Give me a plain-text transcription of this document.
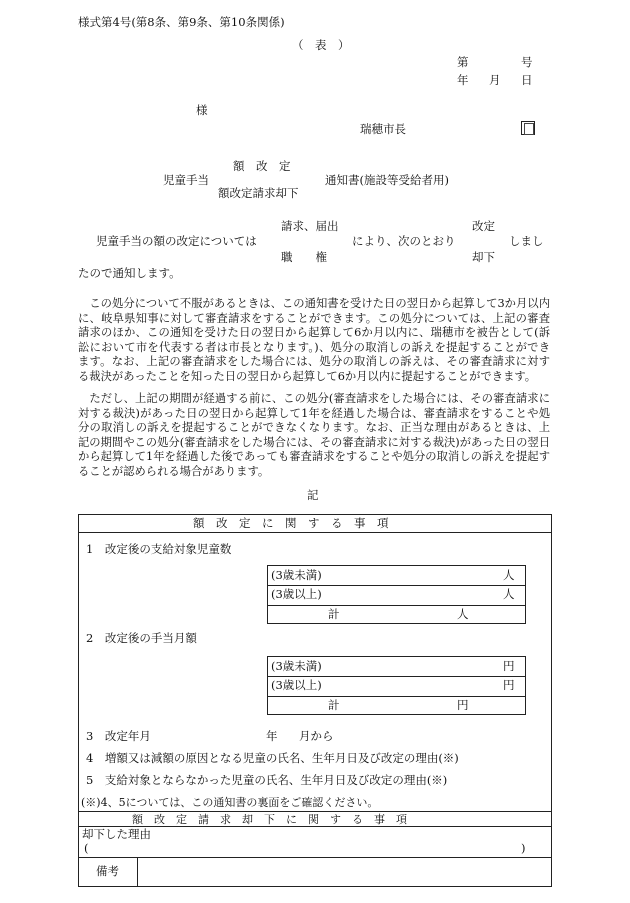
様式第4号(第8条、第9条、第10条関係)
（　表　）
第	号
年 月 日
様
瑞穂市長
額　改　定
児童手当	通知書(施設等受給者用)
額改定請求却下
請求、届出	改定
児童手当の額の改定については	により、次のとおり	しまし
職　　権	却下
たので通知します。
　この処分について不服があるときは、この通知書を受けた日の翌日から起算して3か月以内に、岐阜県知事に対して審査請求をすることができます。この処分については、上記の審査請求のほか、この通知を受けた日の翌日から起算して6か月以内に、瑞穂市を被告として(訴訟において市を代表する者は市長となります。)、処分の取消しの訴えを提起することができます。なお、上記の審査請求をした場合には、処分の取消しの訴えは、その審査請求に対する裁決があったことを知った日の翌日から起算して6か月以内に提起することができます。
　ただし、上記の期間が経過する前に、この処分(審査請求をした場合には、その審査請求に対する裁決)があった日の翌日から起算して1年を経過した場合は、審査請求をすることや処分の取消しの訴えを提起することができなくなります。なお、正当な理由があるときは、上記の期間やこの処分(審査請求をした場合には、その審査請求に対する裁決)があった日の翌日から起算して1年を経過した後であっても審査請求をすることや処分の取消しの訴えを提起することが認められる場合があります。
記
額　改　定　に　関　す　る　事　項
1　改定後の支給対象児童数
(3歳未満)	人
(3歳以上)	人
計	人
2　改定後の手当月額
(3歳未満)	円
(3歳以上)	円
計	円
3　改定年月	年 月から
4　増額又は減額の原因となる児童の氏名、生年月日及び改定の理由(※)
5　支給対象とならなかった児童の氏名、生年月日及び改定の理由(※)
(※)4、5については、この通知書の裏面をご確認ください。
額　改　定　請　求　却　下　に　関　す　る　事　項
却下した理由
(	)
備考
